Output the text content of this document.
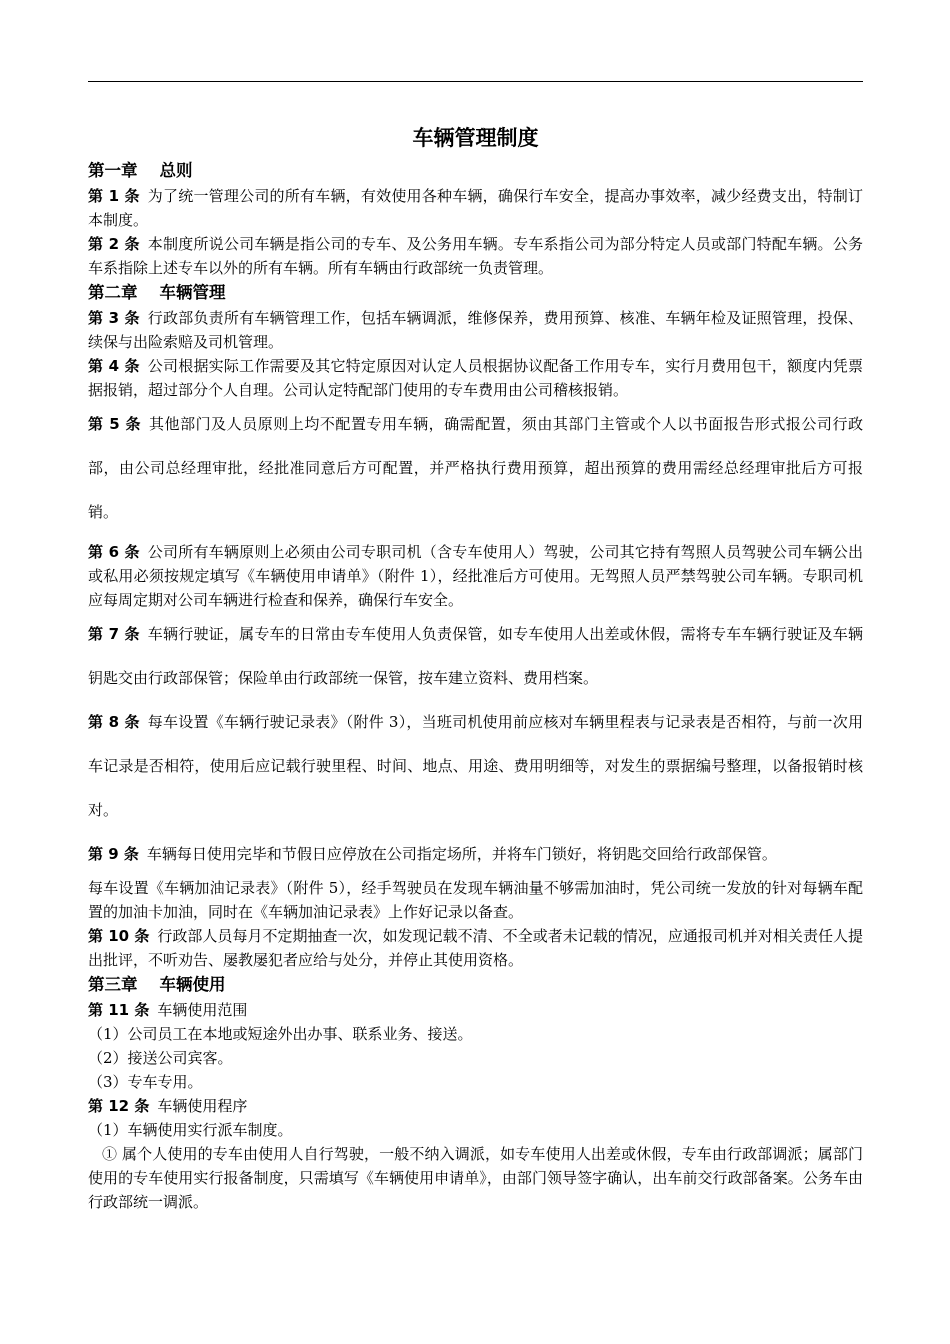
车辆管理制度
第一章 总则

第 1 条 为了统一管理公司的所有车辆，有效使用各种车辆，确保行车安全，提高办事效率，减少经费支出，特制订本制度。

第 2 条 本制度所说公司车辆是指公司的专车、及公务用车辆。专车系指公司为部分特定人员或部门特配车辆。公务车系指除上述专车以外的所有车辆。所有车辆由行政部统一负责管理。

第二章 车辆管理

第 3 条 行政部负责所有车辆管理工作，包括车辆调派，维修保养，费用预算、核准、车辆年检及证照管理，投保、续保与出险索赔及司机管理。

第 4 条 公司根据实际工作需要及其它特定原因对认定人员根据协议配备工作用专车，实行月费用包干，额度内凭票据报销，超过部分个人自理。公司认定特配部门使用的专车费用由公司稽核报销。

第 5 条 其他部门及人员原则上均不配置专用车辆，确需配置，须由其部门主管或个人以书面报告形式报公司行政部，由公司总经理审批，经批准同意后方可配置，并严格执行费用预算，超出预算的费用需经总经理审批后方可报销。

第 6 条 公司所有车辆原则上必须由公司专职司机（含专车使用人）驾驶，公司其它持有驾照人员驾驶公司车辆公出或私用必须按规定填写《车辆使用申请单》（附件 1），经批准后方可使用。无驾照人员严禁驾驶公司车辆。专职司机应每周定期对公司车辆进行检查和保养，确保行车安全。

第 7 条 车辆行驶证，属专车的日常由专车使用人负责保管，如专车使用人出差或休假，需将专车车辆行驶证及车辆钥匙交由行政部保管；保险单由行政部统一保管，按车建立资料、费用档案。

第 8 条 每车设置《车辆行驶记录表》（附件 3），当班司机使用前应核对车辆里程表与记录表是否相符，与前一次用车记录是否相符，使用后应记载行驶里程、时间、地点、用途、费用明细等，对发生的票据编号整理，以备报销时核对。

第 9 条 车辆每日使用完毕和节假日应停放在公司指定场所，并将车门锁好，将钥匙交回给行政部保管。

每车设置《车辆加油记录表》（附件 5），经手驾驶员在发现车辆油量不够需加油时，凭公司统一发放的针对每辆车配置的加油卡加油，同时在《车辆加油记录表》上作好记录以备查。

第 10 条 行政部人员每月不定期抽查一次，如发现记载不清、不全或者未记载的情况，应通报司机并对相关责任人提出批评，不听劝告、屡教屡犯者应给与处分，并停止其使用资格。

第三章 车辆使用

第 11 条 车辆使用范围

（1）公司员工在本地或短途外出办事、联系业务、接送。

（2）接送公司宾客。

（3）专车专用。

第 12 条 车辆使用程序

（1）车辆使用实行派车制度。

① 属个人使用的专车由使用人自行驾驶，一般不纳入调派，如专车使用人出差或休假，专车由行政部调派；属部门使用的专车使用实行报备制度，只需填写《车辆使用申请单》，由部门领导签字确认，出车前交行政部备案。公务车由行政部统一调派。
